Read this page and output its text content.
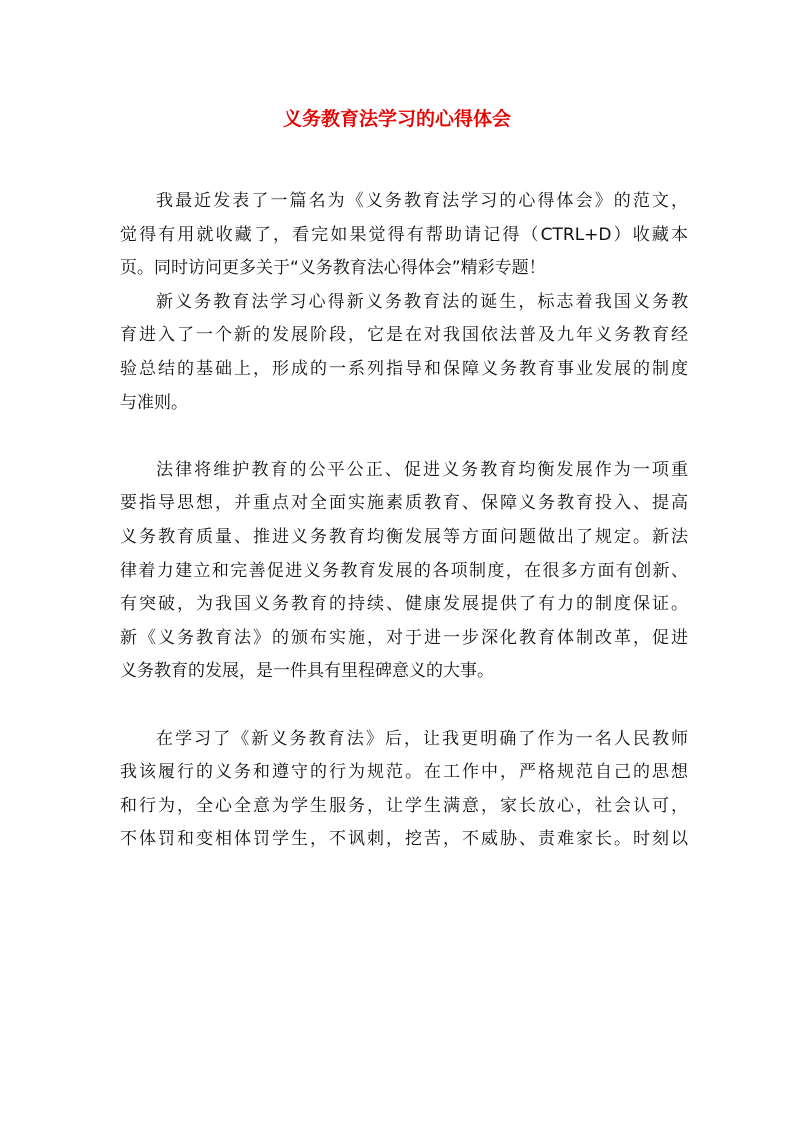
义务教育法学习的心得体会
我最近发表了一篇名为《义务教育法学习的心得体会》的范文，
觉得有用就收藏了，看完如果觉得有帮助请记得（CTRL+D）收藏本
页。同时访问更多关于“义务教育法心得体会”精彩专题！
新义务教育法学习心得新义务教育法的诞生，标志着我国义务教
育进入了一个新的发展阶段，它是在对我国依法普及九年义务教育经
验总结的基础上，形成的一系列指导和保障义务教育事业发展的制度
与准则。
法律将维护教育的公平公正、促进义务教育均衡发展作为一项重
要指导思想，并重点对全面实施素质教育、保障义务教育投入、提高
义务教育质量、推进义务教育均衡发展等方面问题做出了规定。新法
律着力建立和完善促进义务教育发展的各项制度，在很多方面有创新、
有突破，为我国义务教育的持续、健康发展提供了有力的制度保证。
新《义务教育法》的颁布实施，对于进一步深化教育体制改革，促进
义务教育的发展，是一件具有里程碑意义的大事。
在学习了《新义务教育法》后，让我更明确了作为一名人民教师
我该履行的义务和遵守的行为规范。在工作中，严格规范自己的思想
和行为，全心全意为学生服务，让学生满意，家长放心，社会认可，
不体罚和变相体罚学生，不讽刺，挖苦，不威胁、责难家长。时刻以
